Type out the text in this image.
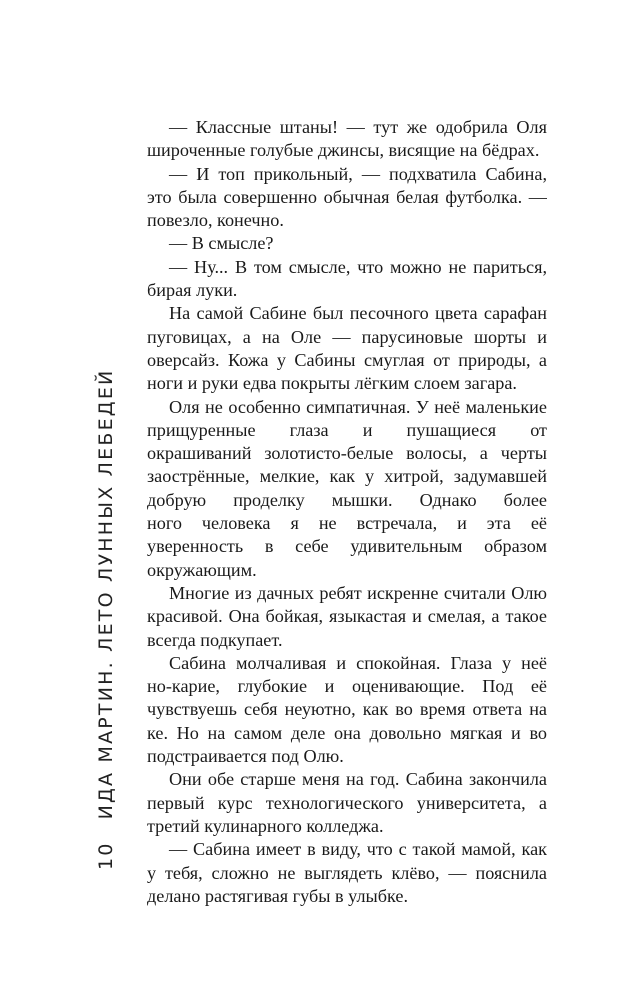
10ИДА МАРТИН. ЛЕТО ЛУННЫХ ЛЕБЕДЕЙ
— Классные штаны! — тут же одобрила Оля
широченные голубые джинсы, висящие на бёдрах.
— И топ прикольный, — подхватила Сабина,
это была совершенно обычная белая футболка. —
повезло, конечно.
— В смысле?
— Ну... В том смысле, что можно не париться,
бирая луки.
На самой Сабине был песочного цвета сарафан
пуговицах, а на Оле — парусиновые шорты и
оверсайз. Кожа у Сабины смуглая от природы, а
ноги и руки едва покрыты лёгким слоем загара.
Оля не особенно симпатичная. У неё маленькие
прищуренные глаза и пушащиеся от
окрашиваний золотисто-белые волосы, а черты
заострённые, мелкие, как у хитрой, задумавшей
добрую проделку мышки. Однако более
ного человека я не встречала, и эта её
уверенность в себе удивительным образом
окружающим.
Многие из дачных ребят искренне считали Олю
красивой. Она бойкая, языкастая и смелая, а такое
всегда подкупает.
Сабина молчаливая и спокойная. Глаза у неё
но-карие, глубокие и оценивающие. Под её
чувствуешь себя неуютно, как во время ответа на
ке. Но на самом деле она довольно мягкая и во
подстраивается под Олю.
Они обе старше меня на год. Сабина закончила
первый курс технологического университета, а
третий кулинарного колледжа.
— Сабина имеет в виду, что с такой мамой, как
у тебя, сложно не выглядеть клёво, — пояснила
делано растягивая губы в улыбке.
